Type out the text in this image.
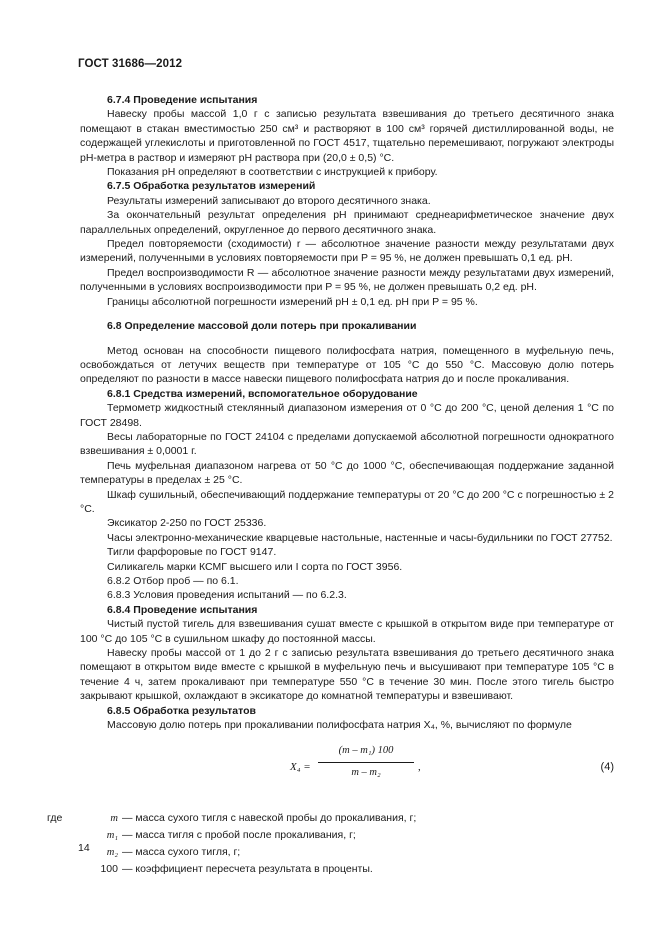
ГОСТ 31686—2012

6.7.4 Проведение испытания

Навеску пробы массой 1,0 г с записью результата взвешивания до третьего десятичного знака помещают в стакан вместимостью 250 см³ и растворяют в 100 см³ горячей дистиллированной воды, не содержащей углекислоты и приготовленной по ГОСТ 4517, тщательно перемешивают, погружают электроды рН-метра в раствор и измеряют рН раствора при (20,0 ± 0,5) °С.

Показания рН определяют в соответствии с инструкцией к прибору.

6.7.5 Обработка результатов измерений

Результаты измерений записывают до второго десятичного знака.

За окончательный результат определения рН принимают среднеарифметическое значение двух параллельных определений, округленное до первого десятичного знака.

Предел повторяемости (сходимости) r — абсолютное значение разности между результатами двух измерений, полученными в условиях повторяемости при P = 95 %, не должен превышать 0,1 ед. рН.

Предел воспроизводимости R — абсолютное значение разности между результатами двух измерений, полученными в условиях воспроизводимости при P = 95 %, не должен превышать 0,2 ед. рН.

Границы абсолютной погрешности измерений рН ± 0,1 ед. рН при P = 95 %.

6.8 Определение массовой доли потерь при прокаливании

Метод основан на способности пищевого полифосфата натрия, помещенного в муфельную печь, освобождаться от летучих веществ при температуре от 105 °С до 550 °С. Массовую долю потерь определяют по разности в массе навески пищевого полифосфата натрия до и после прокаливания.

6.8.1 Средства измерений, вспомогательное оборудование

Термометр жидкостный стеклянный диапазоном измерения от 0 °С до 200 °С, ценой деления 1 °С по ГОСТ 28498.

Весы лабораторные по ГОСТ 24104 с пределами допускаемой абсолютной погрешности однократного взвешивания ± 0,0001 г.

Печь муфельная диапазоном нагрева от 50 °С до 1000 °С, обеспечивающая поддержание заданной температуры в пределах ± 25 °С.

Шкаф сушильный, обеспечивающий поддержание температуры от 20 °С до 200 °С с погрешностью ± 2 °С.

Эксикатор 2-250 по ГОСТ 25336.

Часы электронно-механические кварцевые настольные, настенные и часы-будильники по ГОСТ 27752.

Тигли фарфоровые по ГОСТ 9147.

Силикагель марки КСМГ высшего или I сорта по ГОСТ 3956.

6.8.2 Отбор проб — по 6.1.

6.8.3 Условия проведения испытаний — по 6.2.3.

6.8.4 Проведение испытания

Чистый пустой тигель для взвешивания сушат вместе с крышкой в открытом виде при температуре от 100 °С до 105 °С в сушильном шкафу до постоянной массы.

Навеску пробы массой от 1 до 2 г с записью результата взвешивания до третьего десятичного знака помещают в открытом виде вместе с крышкой в муфельную печь и высушивают при температуре 105 °С в течение 4 ч, затем прокаливают при температуре 550 °С в течение 30 мин. После этого тигель быстро закрывают крышкой, охлаждают в эксикаторе до комнатной температуры и взвешивают.

6.8.5 Обработка результатов

Массовую долю потерь при прокаливании полифосфата натрия X₄, %, вычисляют по формуле

X₄ =
(m – m₁) 100
m – m₂	,	(4)
где	m — масса сухого тигля с навеской пробы до прокаливания, г;
m₁ — масса тигля с пробой после прокаливания, г;
m₂ — масса сухого тигля, г;
100 — коэффициент пересчета результата в проценты.
14
